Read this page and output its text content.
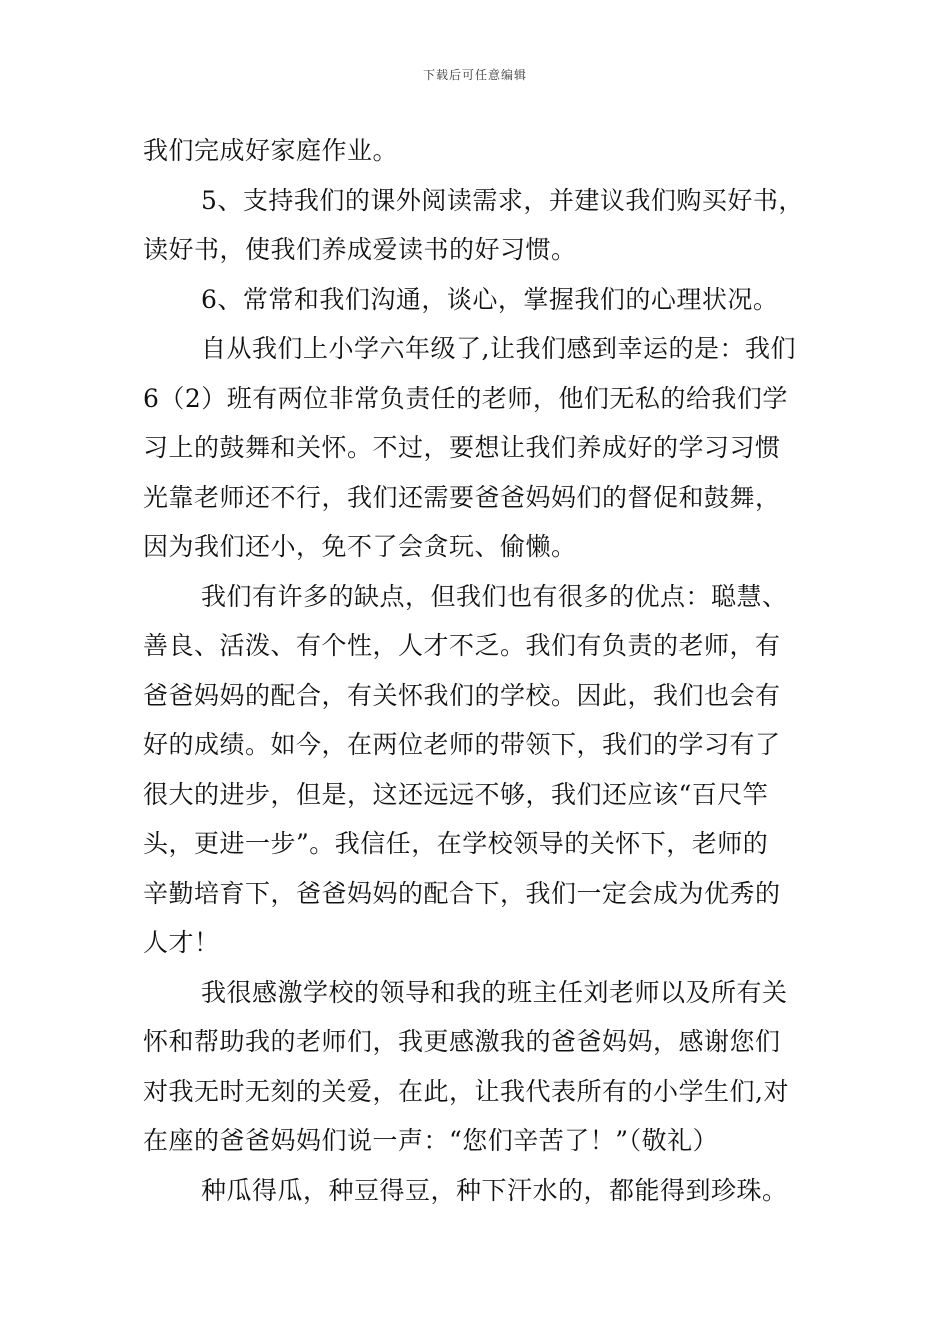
下载后可任意编辑
我们完成好家庭作业。
5、支持我们的课外阅读需求，并建议我们购买好书，
读好书，使我们养成爱读书的好习惯。
6、常常和我们沟通，谈心，掌握我们的心理状况。
自从我们上小学六年级了,让我们感到幸运的是：我们
6（2）班有两位非常负责任的老师，他们无私的给我们学
习上的鼓舞和关怀。不过，要想让我们养成好的学习习惯
光靠老师还不行，我们还需要爸爸妈妈们的督促和鼓舞，
因为我们还小，免不了会贪玩、偷懒。
我们有许多的缺点，但我们也有很多的优点：聪慧、
善良、活泼、有个性，人才不乏。我们有负责的老师，有
爸爸妈妈的配合，有关怀我们的学校。因此，我们也会有
好的成绩。如今，在两位老师的带领下，我们的学习有了
很大的进步，但是，这还远远不够，我们还应该“百尺竿
头，更进一步”。我信任，在学校领导的关怀下，老师的
辛勤培育下，爸爸妈妈的配合下，我们一定会成为优秀的
人才！
我很感激学校的领导和我的班主任刘老师以及所有关
怀和帮助我的老师们，我更感激我的爸爸妈妈，感谢您们
对我无时无刻的关爱，在此，让我代表所有的小学生们,对
在座的爸爸妈妈们说一声：“您们辛苦了！”（敬礼）
种瓜得瓜，种豆得豆，种下汗水的，都能得到珍珠。
